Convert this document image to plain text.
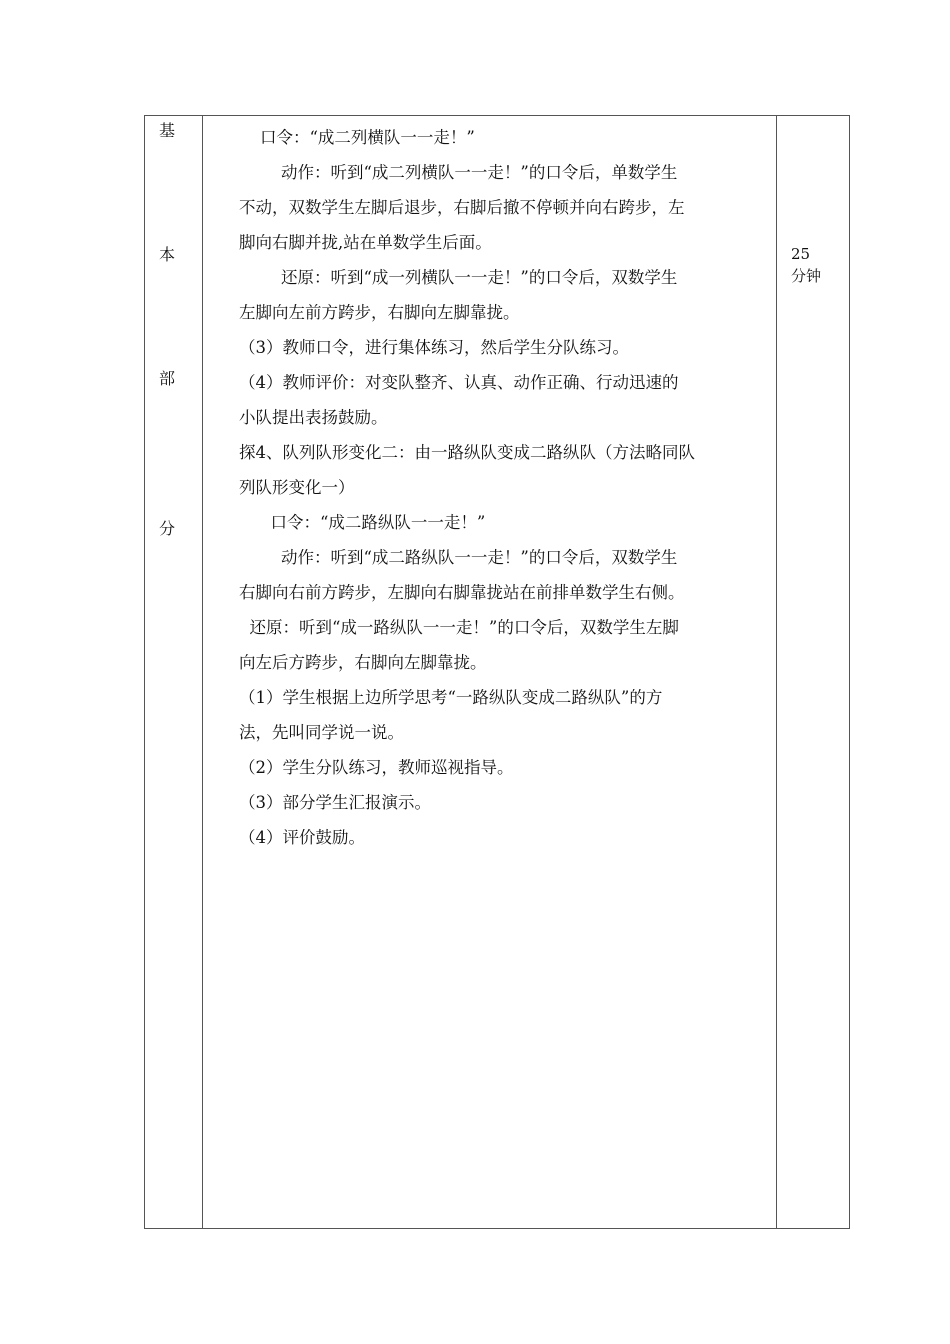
基
本
部
分
口令：“成二列横队一一走！”
动作：听到“成二列横队一一走！”的口令后，单数学生
不动，双数学生左脚后退步，右脚后撤不停顿并向右跨步，左
脚向右脚并拢,站在单数学生后面。
还原：听到“成一列横队一一走！”的口令后，双数学生
左脚向左前方跨步，右脚向左脚靠拢。
（3）教师口令，进行集体练习，然后学生分队练习。
（4）教师评价：对变队整齐、认真、动作正确、行动迅速的
小队提出表扬鼓励。
探4、队列队形变化二：由一路纵队变成二路纵队（方法略同队
列队形变化一）
口令：“成二路纵队一一走！”
动作：听到“成二路纵队一一走！”的口令后，双数学生
右脚向右前方跨步，左脚向右脚靠拢站在前排单数学生右侧。
还原：听到“成一路纵队一一走！”的口令后，双数学生左脚
向左后方跨步，右脚向左脚靠拢。
（1）学生根据上边所学思考“一路纵队变成二路纵队”的方
法，先叫同学说一说。
（2）学生分队练习，教师巡视指导。
（3）部分学生汇报演示。
（4）评价鼓励。
25
分钟
